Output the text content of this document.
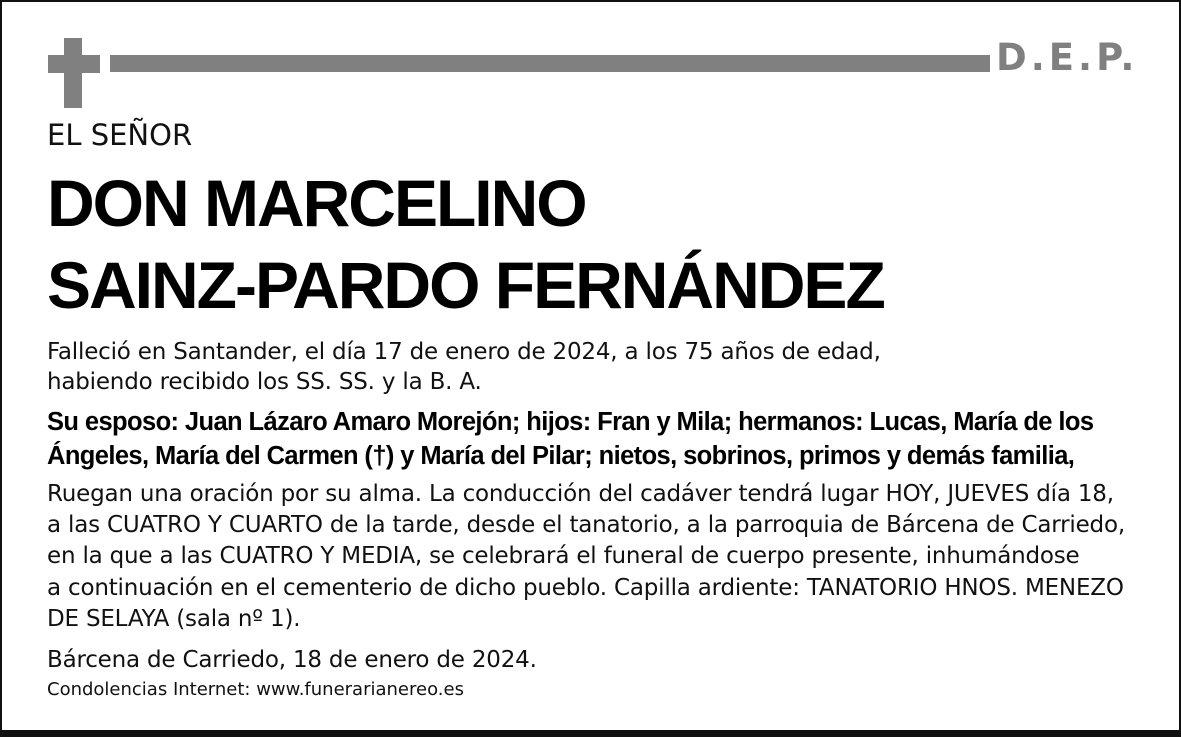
D.E.P.
EL SEÑOR
DON MARCELINO
SAINZ-PARDO FERNÁNDEZ
Falleció en Santander, el día 17 de enero de 2024, a los 75 años de edad,
habiendo recibido los SS. SS. y la B. A.
Su esposo: Juan Lázaro Amaro Morejón; hijos: Fran y Mila; hermanos: Lucas, María de los
Ángeles, María del Carmen (†) y María del Pilar; nietos, sobrinos, primos y demás familia,
Ruegan una oración por su alma. La conducción del cadáver tendrá lugar HOY, JUEVES día 18,
a las CUATRO Y CUARTO de la tarde, desde el tanatorio, a la parroquia de Bárcena de Carriedo,
en la que a las CUATRO Y MEDIA, se celebrará el funeral de cuerpo presente, inhumándose
a continuación en el cementerio de dicho pueblo. Capilla ardiente: TANATORIO HNOS. MENEZO
DE SELAYA (sala nº 1).
Bárcena de Carriedo, 18 de enero de 2024.
Condolencias Internet: www.funerarianereo.es
